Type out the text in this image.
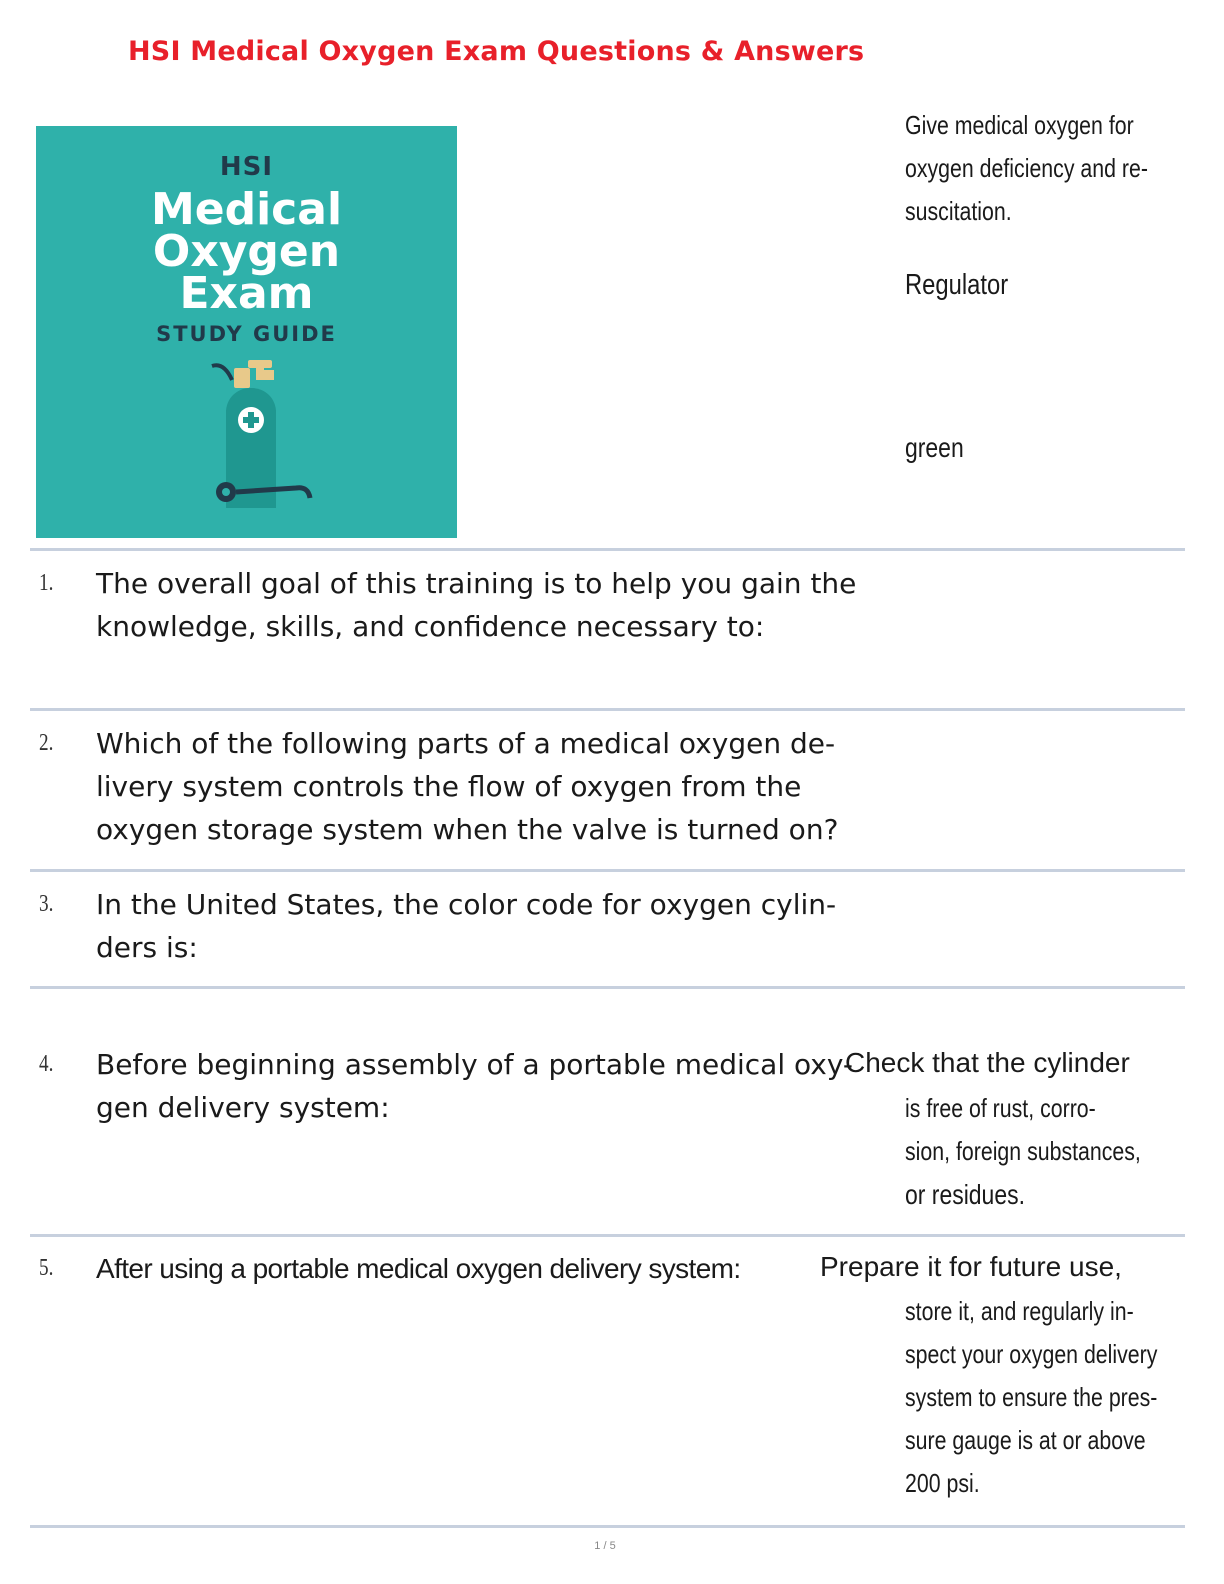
HSI Medical Oxygen Exam Questions & Answers
HSI
Medical
Oxygen
Exam
STUDY GUIDE
Give medical oxygen for
oxygen deficiency and re-
suscitation.
Regulator
green
1. The overall goal of this training is to help you gain the
knowledge, skills, and confidence necessary to:
2. Which of the following parts of a medical oxygen de-
livery system controls the flow of oxygen from the
oxygen storage system when the valve is turned on?
3. In the United States, the color code for oxygen cylin-
ders is:
4. Before beginning assembly of a portable medical oxy-
gen delivery system:
Check that the cylinder
is free of rust, corro-
sion, foreign substances,
or residues.
5. After using a portable medical oxygen delivery system:	Prepare it for future use,
store it, and regularly in-
spect your oxygen delivery
system to ensure the pres-
sure gauge is at or above
200 psi.
1 / 5
